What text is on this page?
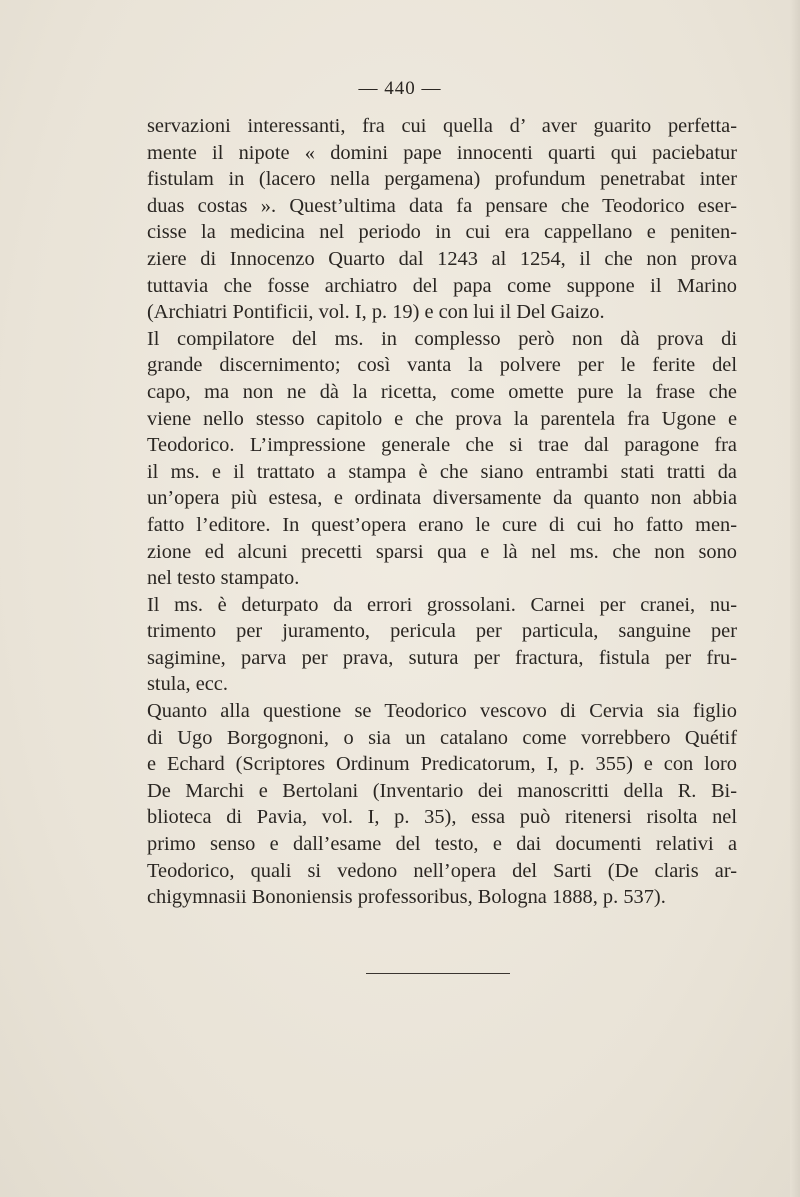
— 440 —
servazioni interessanti, fra cui quella d’ aver guarito perfetta-
mente il nipote « domini pape innocenti quarti qui paciebatur
fistulam in (lacero nella pergamena) profundum penetrabat inter
duas costas ». Quest’ultima data fa pensare che Teodorico eser-
cisse la medicina nel periodo in cui era cappellano e peniten-
ziere di Innocenzo Quarto dal 1243 al 1254, il che non prova
tuttavia che fosse archiatro del papa come suppone il Marino
(Archiatri Pontificii, vol. I, p. 19) e con lui il Del Gaizo.
Il compilatore del ms. in complesso però non dà prova di
grande discernimento; così vanta la polvere per le ferite del
capo, ma non ne dà la ricetta, come omette pure la frase che
viene nello stesso capitolo e che prova la parentela fra Ugone e
Teodorico. L’impressione generale che si trae dal paragone fra
il ms. e il trattato a stampa è che siano entrambi stati tratti da
un’opera più estesa, e ordinata diversamente da quanto non abbia
fatto l’editore. In quest’opera erano le cure di cui ho fatto men-
zione ed alcuni precetti sparsi qua e là nel ms. che non sono
nel testo stampato.
Il ms. è deturpato da errori grossolani. Carnei per cranei, nu-
trimento per juramento, pericula per particula, sanguine per
sagimine, parva per prava, sutura per fractura, fistula per fru-
stula, ecc.
Quanto alla questione se Teodorico vescovo di Cervia sia figlio
di Ugo Borgognoni, o sia un catalano come vorrebbero Quétif
e Echard (Scriptores Ordinum Predicatorum, I, p. 355) e con loro
De Marchi e Bertolani (Inventario dei manoscritti della R. Bi-
blioteca di Pavia, vol. I, p. 35), essa può ritenersi risolta nel
primo senso e dall’esame del testo, e dai documenti relativi a
Teodorico, quali si vedono nell’opera del Sarti (De claris ar-
chigymnasii Bononiensis professoribus, Bologna 1888, p. 537).
